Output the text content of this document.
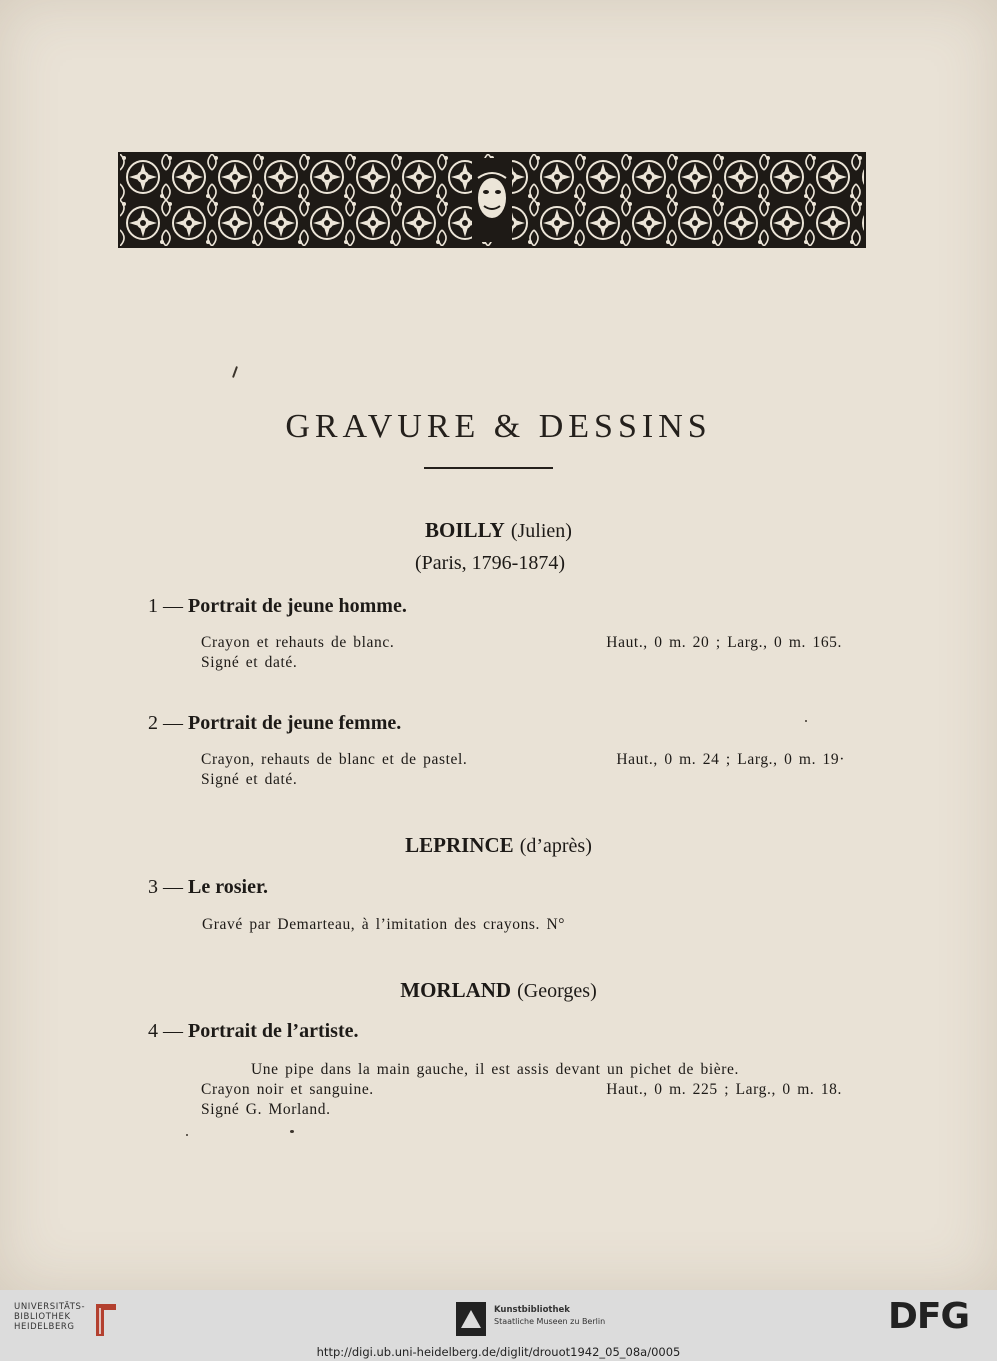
GRAVURE & DESSINS
BOILLY (Julien)
(Paris, 1796-1874)
1 — Portrait de jeune homme.
Crayon et rehauts de blanc.	Haut., 0 m. 20 ; Larg., 0 m. 165.
Signé et daté.
2 — Portrait de jeune femme.
Crayon, rehauts de blanc et de pastel.	Haut., 0 m. 24 ; Larg., 0 m. 19·
Signé et daté.
LEPRINCE (d’après)
3 — Le rosier.
Gravé par Demarteau, à l’imitation des crayons. N°
MORLAND (Georges)
4 — Portrait de l’artiste.
Une pipe dans la main gauche, il est assis devant un pichet de bière.
Crayon noir et sanguine.	Haut., 0 m. 225 ; Larg., 0 m. 18.
Signé G. Morland.
UNIVERSITÄTS-
BIBLIOTHEK
HEIDELBERG
Kunstbibliothek
Staatliche Museen zu Berlin	DFG
http://digi.ub.uni-heidelberg.de/diglit/drouot1942_05_08a/0005
